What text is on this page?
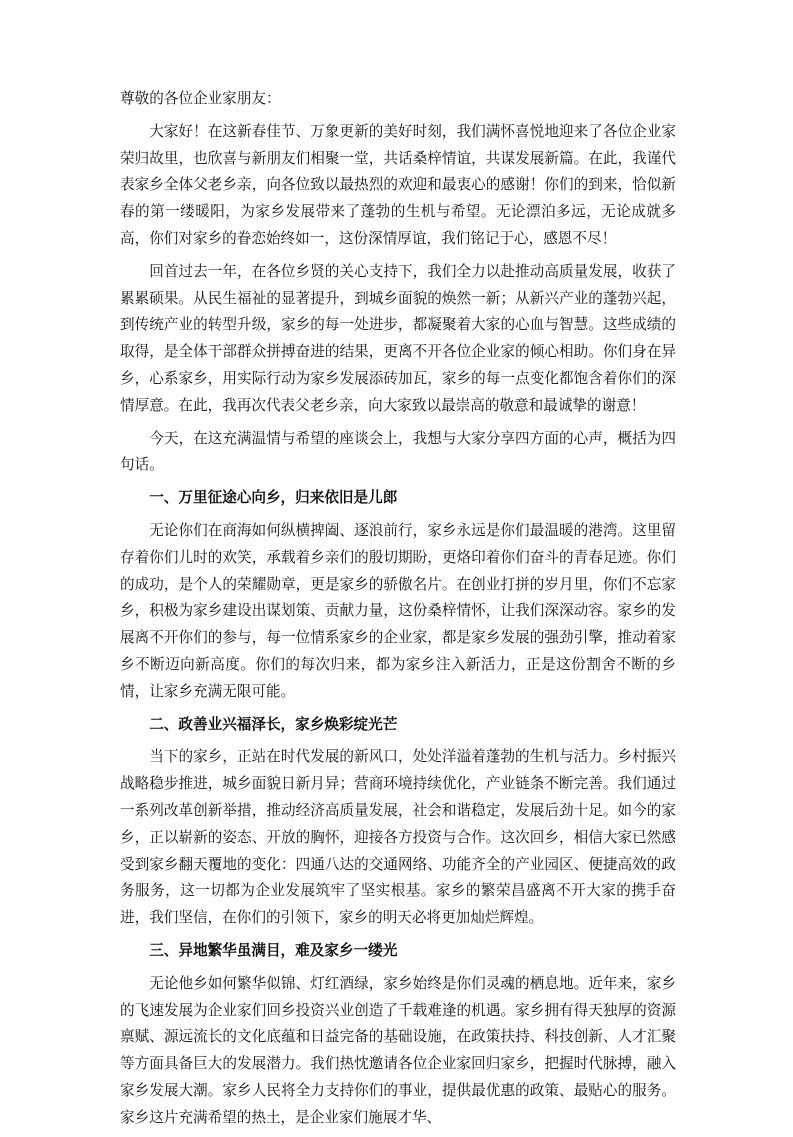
尊敬的各位企业家朋友：

大家好！在这新春佳节、万象更新的美好时刻，我们满怀喜悦地迎来了各位企业家荣归故里，也欣喜与新朋友们相聚一堂，共话桑梓情谊，共谋发展新篇。在此，我谨代表家乡全体父老乡亲，向各位致以最热烈的欢迎和最衷心的感谢！你们的到来，恰似新春的第一缕暖阳，为家乡发展带来了蓬勃的生机与希望。无论漂泊多远，无论成就多高，你们对家乡的眷恋始终如一，这份深情厚谊，我们铭记于心，感恩不尽！

回首过去一年，在各位乡贤的关心支持下，我们全力以赴推动高质量发展，收获了累累硕果。从民生福祉的显著提升，到城乡面貌的焕然一新；从新兴产业的蓬勃兴起，到传统产业的转型升级，家乡的每一处进步，都凝聚着大家的心血与智慧。这些成绩的取得，是全体干部群众拼搏奋进的结果，更离不开各位企业家的倾心相助。你们身在异乡，心系家乡，用实际行动为家乡发展添砖加瓦，家乡的每一点变化都饱含着你们的深情厚意。在此，我再次代表父老乡亲，向大家致以最崇高的敬意和最诚挚的谢意！

今天，在这充满温情与希望的座谈会上，我想与大家分享四方面的心声，概括为四句话。

一、万里征途心向乡，归来依旧是儿郎

无论你们在商海如何纵横捭阖、逐浪前行，家乡永远是你们最温暖的港湾。这里留存着你们儿时的欢笑，承载着乡亲们的殷切期盼，更烙印着你们奋斗的青春足迹。你们的成功，是个人的荣耀勋章，更是家乡的骄傲名片。在创业打拼的岁月里，你们不忘家乡，积极为家乡建设出谋划策、贡献力量，这份桑梓情怀，让我们深深动容。家乡的发展离不开你们的参与，每一位情系家乡的企业家，都是家乡发展的强劲引擎，推动着家乡不断迈向新高度。你们的每次归来，都为家乡注入新活力，正是这份割舍不断的乡情，让家乡充满无限可能。

二、政善业兴福泽长，家乡焕彩绽光芒

当下的家乡，正站在时代发展的新风口，处处洋溢着蓬勃的生机与活力。乡村振兴战略稳步推进，城乡面貌日新月异；营商环境持续优化，产业链条不断完善。我们通过一系列改革创新举措，推动经济高质量发展，社会和谐稳定，发展后劲十足。如今的家乡，正以崭新的姿态、开放的胸怀，迎接各方投资与合作。这次回乡，相信大家已然感受到家乡翻天覆地的变化：四通八达的交通网络、功能齐全的产业园区、便捷高效的政务服务，这一切都为企业发展筑牢了坚实根基。家乡的繁荣昌盛离不开大家的携手奋进，我们坚信，在你们的引领下，家乡的明天必将更加灿烂辉煌。

三、异地繁华虽满目，难及家乡一缕光

无论他乡如何繁华似锦、灯红酒绿，家乡始终是你们灵魂的栖息地。近年来，家乡的飞速发展为企业家们回乡投资兴业创造了千载难逢的机遇。家乡拥有得天独厚的资源禀赋、源远流长的文化底蕴和日益完备的基础设施，在政策扶持、科技创新、人才汇聚等方面具备巨大的发展潜力。我们热忱邀请各位企业家回归家乡，把握时代脉搏，融入家乡发展大潮。家乡人民将全力支持你们的事业，提供最优惠的政策、最贴心的服务。家乡这片充满希望的热土，是企业家们施展才华、
